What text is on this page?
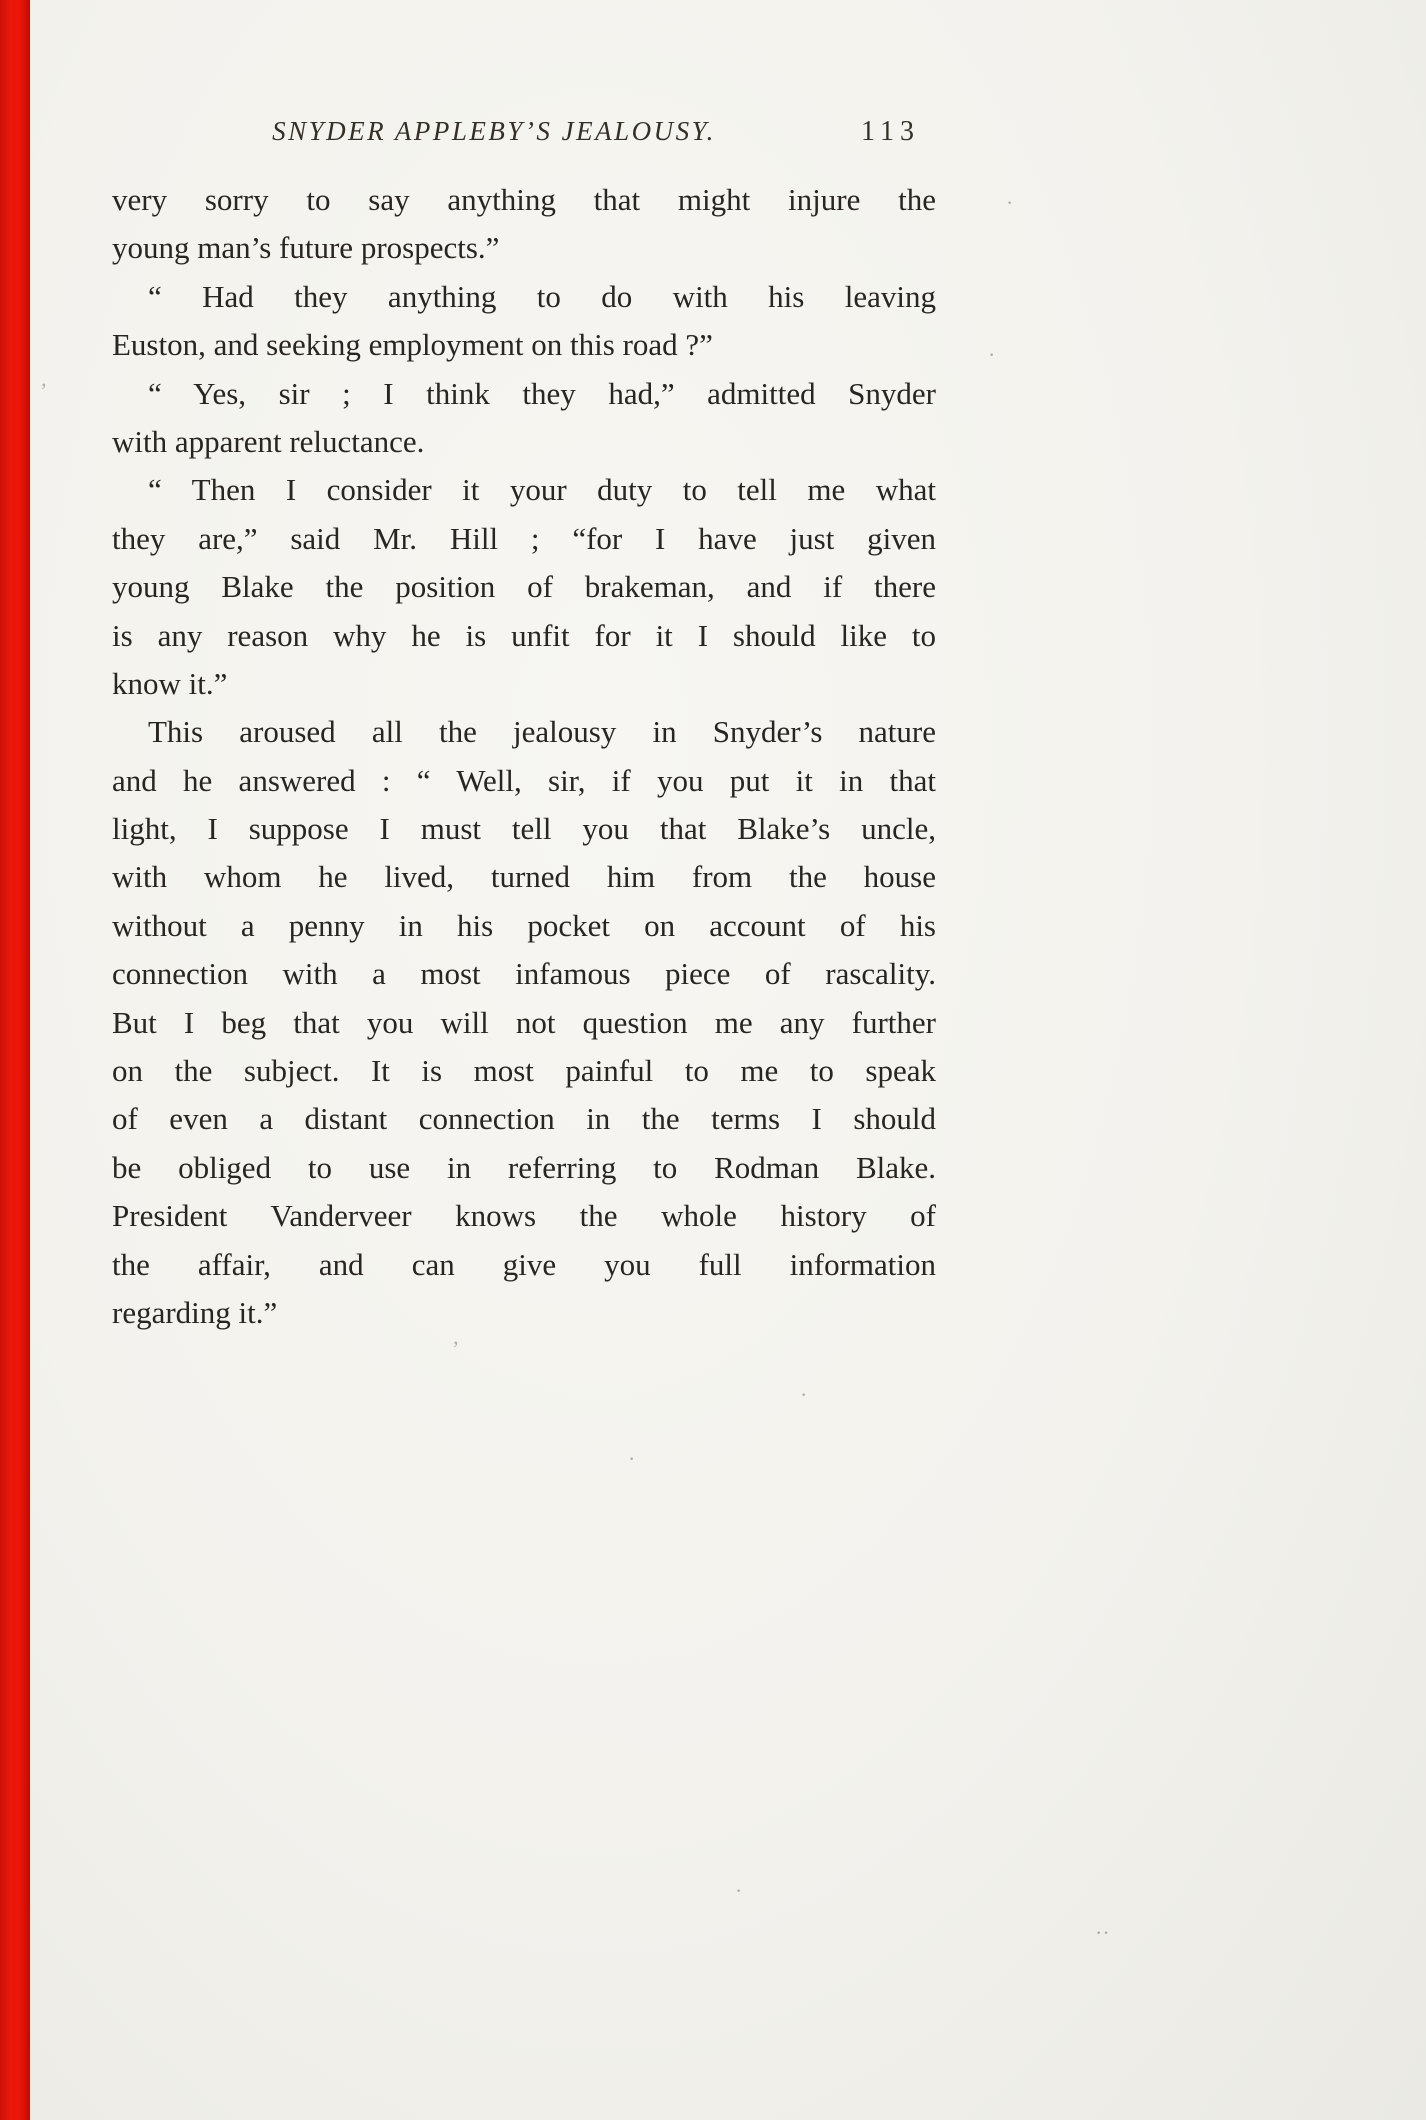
SNYDER APPLEBY’S JEALOUSY.	113
very sorry to say anything that might injure the
young man’s future prospects.”
“ Had they anything to do with his leaving
Euston, and seeking employment on this road ?”
“ Yes, sir ; I think they had,” admitted Snyder
with apparent reluctance.
“ Then I consider it your duty to tell me what
they are,” said Mr. Hill ; “for I have just given
young Blake the position of brakeman, and if there
is any reason why he is unfit for it I should like to
know it.”
This aroused all the jealousy in Snyder’s nature
and he answered : “ Well, sir, if you put it in that
light, I suppose I must tell you that Blake’s uncle,
with whom he lived, turned him from the house
without a penny in his pocket on account of his
connection with a most infamous piece of rascality.
But I beg that you will not question me any further
on the subject. It is most painful to me to speak
of even a distant connection in the terms I should
be obliged to use in referring to Rodman Blake.
President Vanderveer knows the whole history of
the affair, and can give you full information
regarding it.”
’
·
·
’
·
·
·
··
